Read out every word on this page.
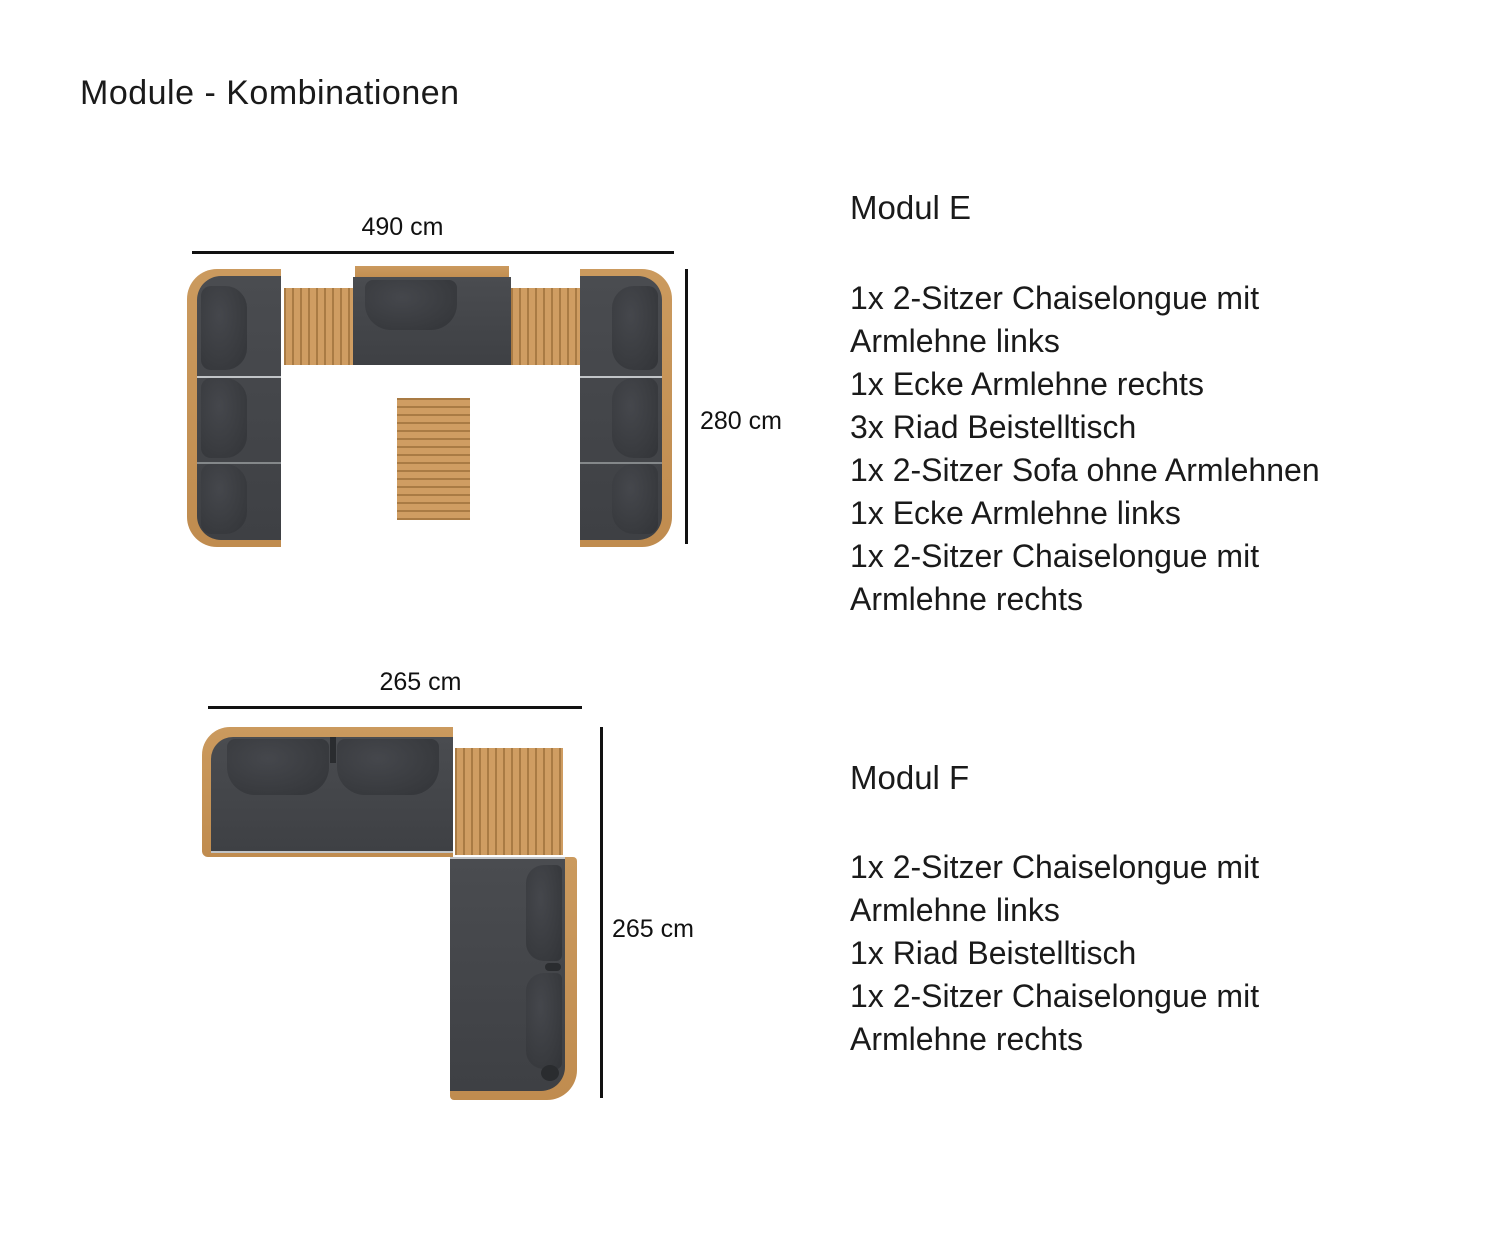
Module - Kombinationen
490 cm
280 cm
265 cm
265 cm
Modul E

1x 2-Sitzer Chaiselongue mit Armlehne links

1x Ecke Armlehne rechts

3x Riad Beistelltisch

1x 2-Sitzer Sofa ohne Armlehnen

1x Ecke Armlehne links

1x 2-Sitzer Chaiselongue mit Armlehne rechts

Modul F

1x 2-Sitzer Chaiselongue mit Armlehne links

1x Riad Beistelltisch

1x 2-Sitzer Chaiselongue mit Armlehne rechts
